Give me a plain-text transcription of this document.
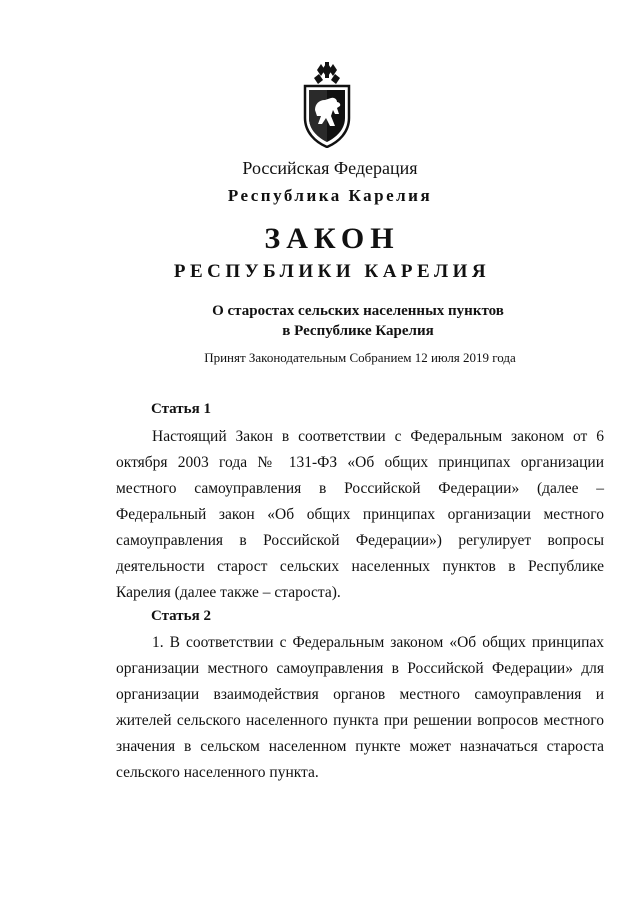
Российская Федерация
Республика Карелия
ЗАКОН
РЕСПУБЛИКИ КАРЕЛИЯ
О старостах сельских населенных пунктов
в Республике Карелия
Принят Законодательным Собранием 12 июля 2019 года
Статья 1
Настоящий Закон в соответствии с Федеральным законом от 6 октября 2003 года № 131-ФЗ «Об общих принципах организации местного самоуправления в Российской Федерации» (далее – Федеральный закон «Об общих принципах организации местного самоуправления в Российской Федерации») регулирует вопросы деятельности старост сельских населенных пунктов в Республике Карелия (далее также – староста).
Статья 2
1. В соответствии с Федеральным законом «Об общих принципах организации местного самоуправления в Российской Федерации» для организации взаимодействия органов местного самоуправления и жителей сельского населенного пункта при решении вопросов местного значения в сельском населенном пункте может назначаться староста сельского населенного пункта.
